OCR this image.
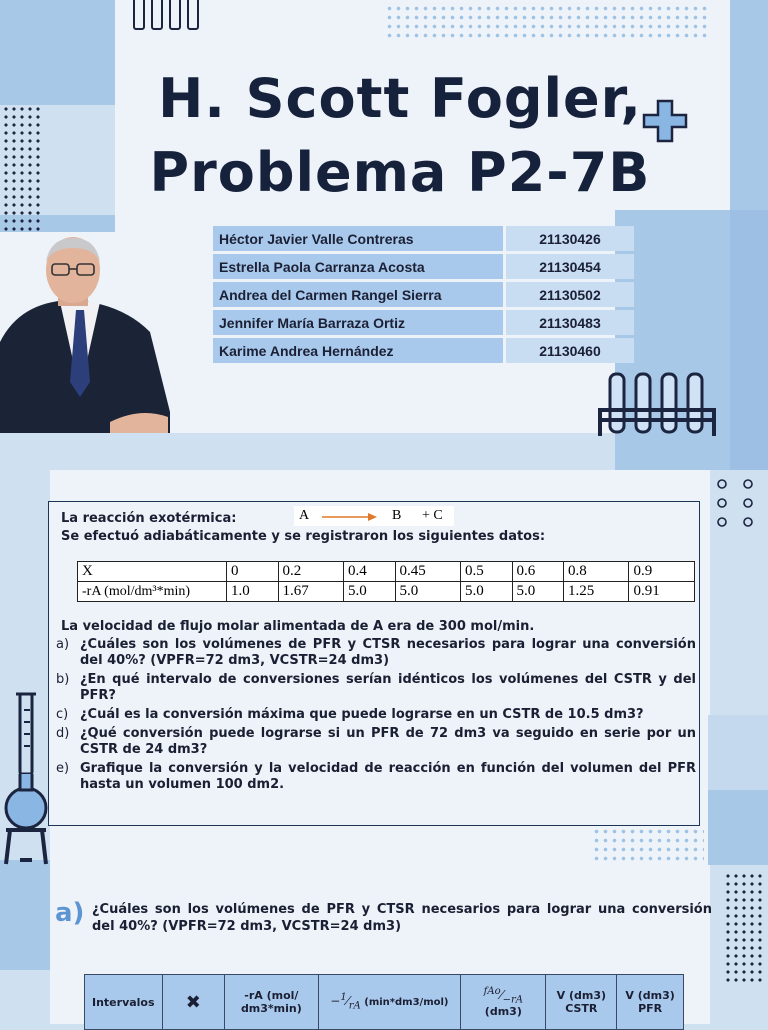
H. Scott Fogler,
Problema P2-7B
Héctor Javier Valle Contreras	21130426
Estrella Paola Carranza Acosta	21130454
Andrea del Carmen Rangel Sierra	21130502
Jennifer María Barraza Ortiz	21130483
Karime Andrea Hernández	21130460
La reacción exotérmica:	A → B + C
Se efectuó adiabáticamente y se registraron los siguientes datos:
X	0	0.2	0.4	0.45	0.5	0.6	0.8	0.9
-rA (mol/dm³*min)	1.0	1.67	5.0	5.0	5.0	5.0	1.25	0.91
La velocidad de flujo molar alimentada de A era de 300 mol/min.
a) ¿Cuáles son los volúmenes de PFR y CTSR necesarios para lograr una conversión del 40%? (VPFR=72 dm3, VCSTR=24 dm3)
b) ¿En qué intervalo de conversiones serían idénticos los volúmenes del CSTR y del PFR?
c) ¿Cuál es la conversión máxima que puede lograrse en un CSTR de 10.5 dm3?
d) ¿Qué conversión puede lograrse si un PFR de 72 dm3 va seguido en serie por un CSTR de 24 dm3?
e) Grafique la conversión y la velocidad de reacción en función del volumen del PFR hasta un volumen 100 dm2.
a) ¿Cuáles son los volúmenes de PFR y CTSR necesarios para lograr una conversión del 40%? (VPFR=72 dm3, VCSTR=24 dm3)
Intervalos	✖	-rA (mol/ dm3*min)	$-^1⁄_{rA}$ (min*dm3/mol)	$^{fAo}⁄_{-rA}$ (dm3)	V (dm3) CSTR	V (dm3) PFR
